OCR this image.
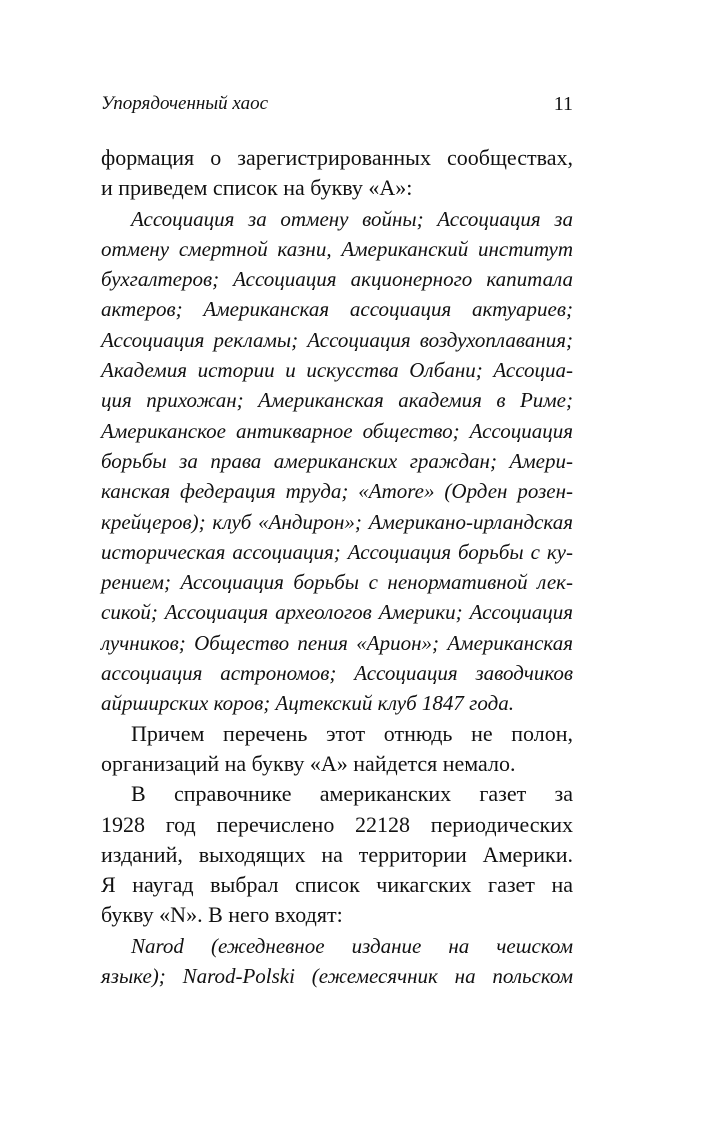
Упорядоченный хаос	11
формация о зарегистрированных сообществах,
и приведем список на букву «А»:
Ассоциация за отмену войны; Ассоциация за
отмену смертной казни, Американский институт
бухгалтеров; Ассоциация акционерного капитала
актеров; Американская ассоциация актуариев;
Ассоциация рекламы; Ассоциация воздухоплавания;
Академия истории и искусства Олбани; Ассоциа-
ция прихожан; Американская академия в Риме;
Американское антикварное общество; Ассоциация
борьбы за права американских граждан; Амери-
канская федерация труда; «Amore» (Орден розен-
крейцеров); клуб «Андирон»; Американо-ирландская
историческая ассоциация; Ассоциация борьбы с ку-
рением; Ассоциация борьбы с ненормативной лек-
сикой; Ассоциация археологов Америки; Ассоциация
лучников; Общество пения «Арион»; Американская
ассоциация астрономов; Ассоциация заводчиков
айрширских коров; Ацтекский клуб 1847 года.
Причем перечень этот отнюдь не полон,
организаций на букву «А» найдется немало.
В справочнике американских газет за
1928 год перечислено 22128 периодических
изданий, выходящих на территории Америки.
Я наугад выбрал список чикагских газет на
букву «N». В него входят:
Narod (ежедневное издание на чешском
языке); Narod-Polski (ежемесячник на польском
